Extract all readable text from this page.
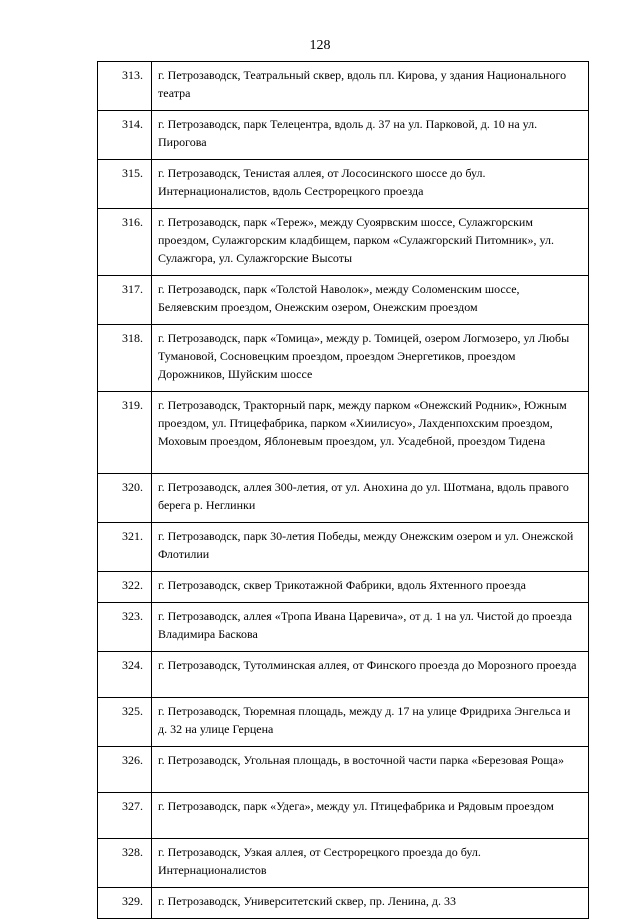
128
313.	г. Петрозаводск, Театральный сквер, вдоль пл. Кирова, у здания Национального театра
314.	г. Петрозаводск, парк Телецентра, вдоль д. 37 на ул. Парковой, д. 10 на ул. Пирогова
315.	г. Петрозаводск, Тенистая аллея, от Лососинского шоссе до бул. Интернационалистов, вдоль Сестрорецкого проезда
316.	г. Петрозаводск, парк «Тереж», между Суоярвским шоссе, Сулажгорским проездом, Сулажгорским кладбищем, парком «Сулажгорский Питомник», ул. Сулажгора, ул. Сулажгорские Высоты
317.	г. Петрозаводск, парк «Толстой Наволок», между Соломенским шоссе, Беляевским проездом, Онежским озером, Онежским проездом
318.	г. Петрозаводск, парк «Томица», между р. Томицей, озером Логмозеро, ул Любы Тумановой, Сосновецким проездом, проездом Энергетиков, проездом Дорожников, Шуйским шоссе
319.	г. Петрозаводск, Тракторный парк, между парком «Онежский Родник», Южным проездом, ул. Птицефабрика, парком «Хиилисуо», Лахденпохским проездом, Моховым проездом, Яблоневым проездом, ул. Усадебной, проездом Тидена
320.	г. Петрозаводск, аллея 300-летия, от ул. Анохина до ул. Шотмана, вдоль правого берега р. Неглинки
321.	г. Петрозаводск, парк 30-летия Победы, между Онежским озером и ул. Онежской Флотилии
322.	г. Петрозаводск, сквер Трикотажной Фабрики, вдоль Яхтенного проезда
323.	г. Петрозаводск, аллея «Тропа Ивана Царевича», от д. 1 на ул. Чистой до проезда Владимира Баскова
324.	г. Петрозаводск, Тутолминская аллея, от Финского проезда до Морозного проезда
325.	г. Петрозаводск, Тюремная площадь, между д. 17 на улице Фридриха Энгельса и д. 32 на улице Герцена
326.	г. Петрозаводск, Угольная площадь, в восточной части парка «Березовая Роща»
327.	г. Петрозаводск, парк «Удега», между ул. Птицефабрика и Рядовым проездом
328.	г. Петрозаводск, Узкая аллея, от Сестрорецкого проезда до бул. Интернационалистов
329.	г. Петрозаводск, Университетский сквер, пр. Ленина, д. 33
